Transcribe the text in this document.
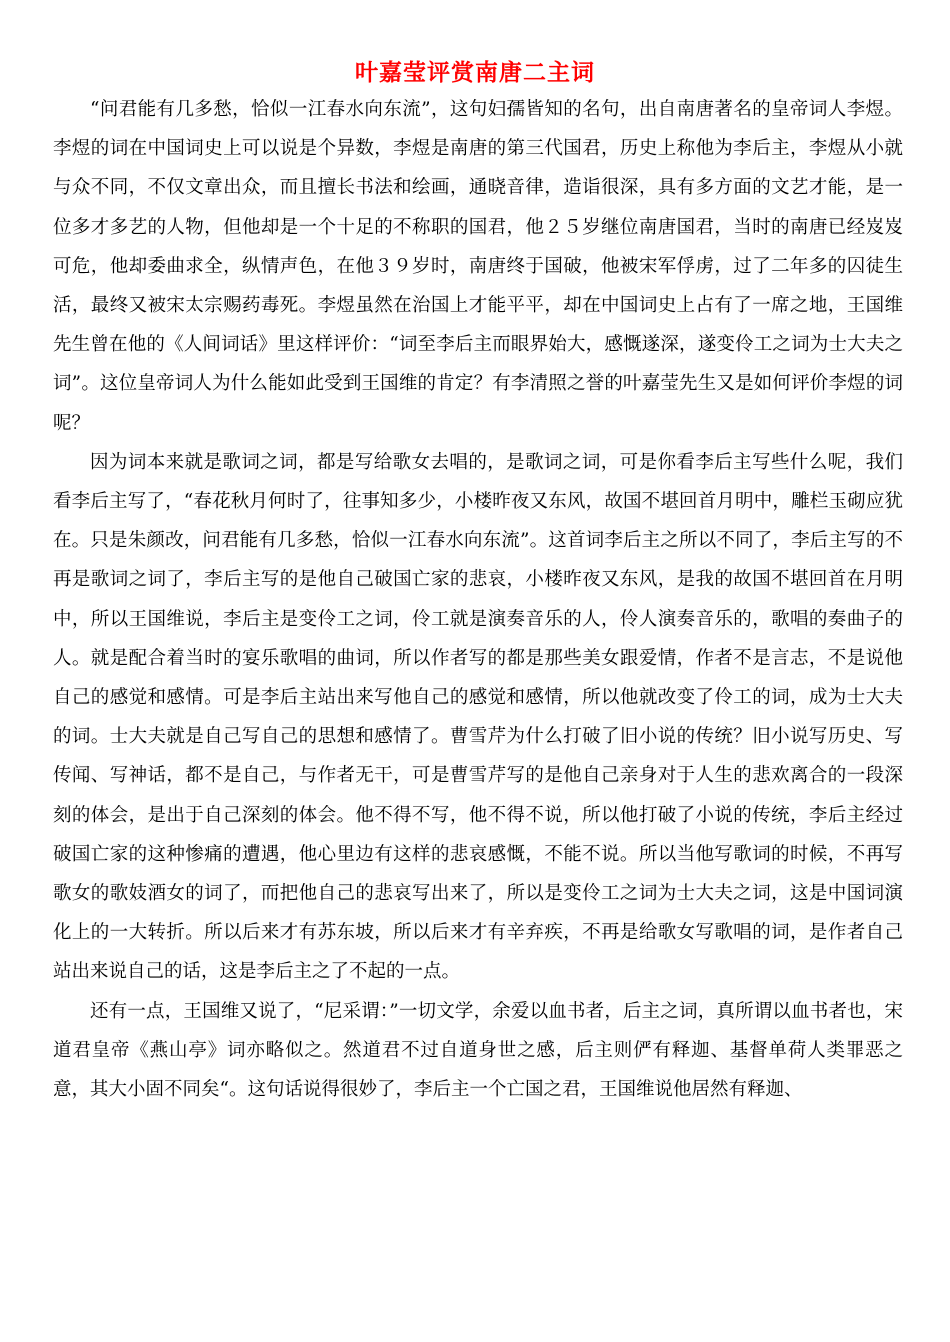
叶嘉莹评赏南唐二主词

“问君能有几多愁，恰似一江春水向东流”，这句妇孺皆知的名句，出自南唐著名的皇帝词人李煜。李煜的词在中国词史上可以说是个异数，李煜是南唐的第三代国君，历史上称他为李后主，李煜从小就与众不同，不仅文章出众，而且擅长书法和绘画，通晓音律，造诣很深，具有多方面的文艺才能，是一位多才多艺的人物，但他却是一个十足的不称职的国君，他２５岁继位南唐国君，当时的南唐已经岌岌可危，他却委曲求全，纵情声色，在他３９岁时，南唐终于国破，他被宋军俘虏，过了二年多的囚徒生活，最终又被宋太宗赐药毒死。李煜虽然在治国上才能平平，却在中国词史上占有了一席之地，王国维先生曾在他的《人间词话》里这样评价：“词至李后主而眼界始大，感慨遂深，遂变伶工之词为士大夫之词”。这位皇帝词人为什么能如此受到王国维的肯定？有李清照之誉的叶嘉莹先生又是如何评价李煜的词呢？

因为词本来就是歌词之词，都是写给歌女去唱的，是歌词之词，可是你看李后主写些什么呢，我们看李后主写了，“春花秋月何时了，往事知多少，小楼昨夜又东风，故国不堪回首月明中，雕栏玉砌应犹在。只是朱颜改，问君能有几多愁，恰似一江春水向东流”。这首词李后主之所以不同了，李后主写的不再是歌词之词了，李后主写的是他自己破国亡家的悲哀，小楼昨夜又东风，是我的故国不堪回首在月明中，所以王国维说，李后主是变伶工之词，伶工就是演奏音乐的人，伶人演奏音乐的，歌唱的奏曲子的人。就是配合着当时的宴乐歌唱的曲词，所以作者写的都是那些美女跟爱情，作者不是言志，不是说他自己的感觉和感情。可是李后主站出来写他自己的感觉和感情，所以他就改变了伶工的词，成为士大夫的词。士大夫就是自己写自己的思想和感情了。曹雪芹为什么打破了旧小说的传统？旧小说写历史、写传闻、写神话，都不是自己，与作者无干，可是曹雪芹写的是他自己亲身对于人生的悲欢离合的一段深刻的体会，是出于自己深刻的体会。他不得不写，他不得不说，所以他打破了小说的传统，李后主经过破国亡家的这种惨痛的遭遇，他心里边有这样的悲哀感慨，不能不说。所以当他写歌词的时候，不再写歌女的歌妓酒女的词了，而把他自己的悲哀写出来了，所以是变伶工之词为士大夫之词，这是中国词演化上的一大转折。所以后来才有苏东坡，所以后来才有辛弃疾，不再是给歌女写歌唱的词，是作者自己站出来说自己的话，这是李后主之了不起的一点。

还有一点，王国维又说了，“尼采谓：”一切文学，余爱以血书者，后主之词，真所谓以血书者也，宋道君皇帝《燕山亭》词亦略似之。然道君不过自道身世之感，后主则俨有释迦、基督单荷人类罪恶之意，其大小固不同矣“。这句话说得很妙了，李后主一个亡国之君，王国维说他居然有释迦、
